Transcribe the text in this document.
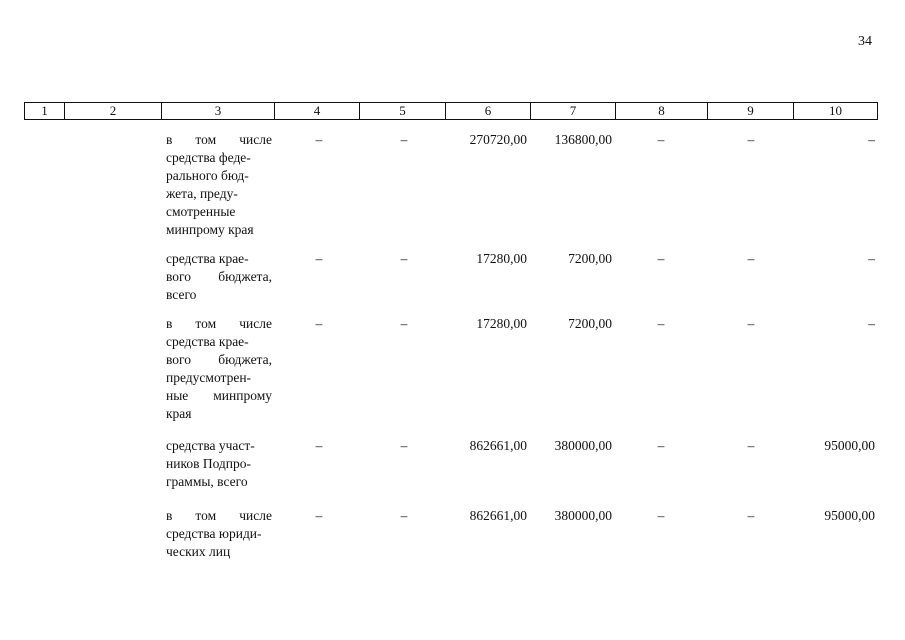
34
1	2	3	4	5	6	7	8	9	10
в том числе средства феде-
рального бюд-
жета, преду-
смотренные минпрому края
–	–	270720,00	136800,00	–	–	–
средства крае-
вого бюджета, всего
–	–	17280,00	7200,00	–	–	–
в том числе средства крае-
вого бюджета, предусмотрен-
ные минпрому края
–	–	17280,00	7200,00	–	–	–
средства участ-
ников Подпро-
граммы, всего
–	–	862661,00	380000,00	–	–	95000,00
в том числе средства юриди-
ческих лиц
–	–	862661,00	380000,00	–	–	95000,00
